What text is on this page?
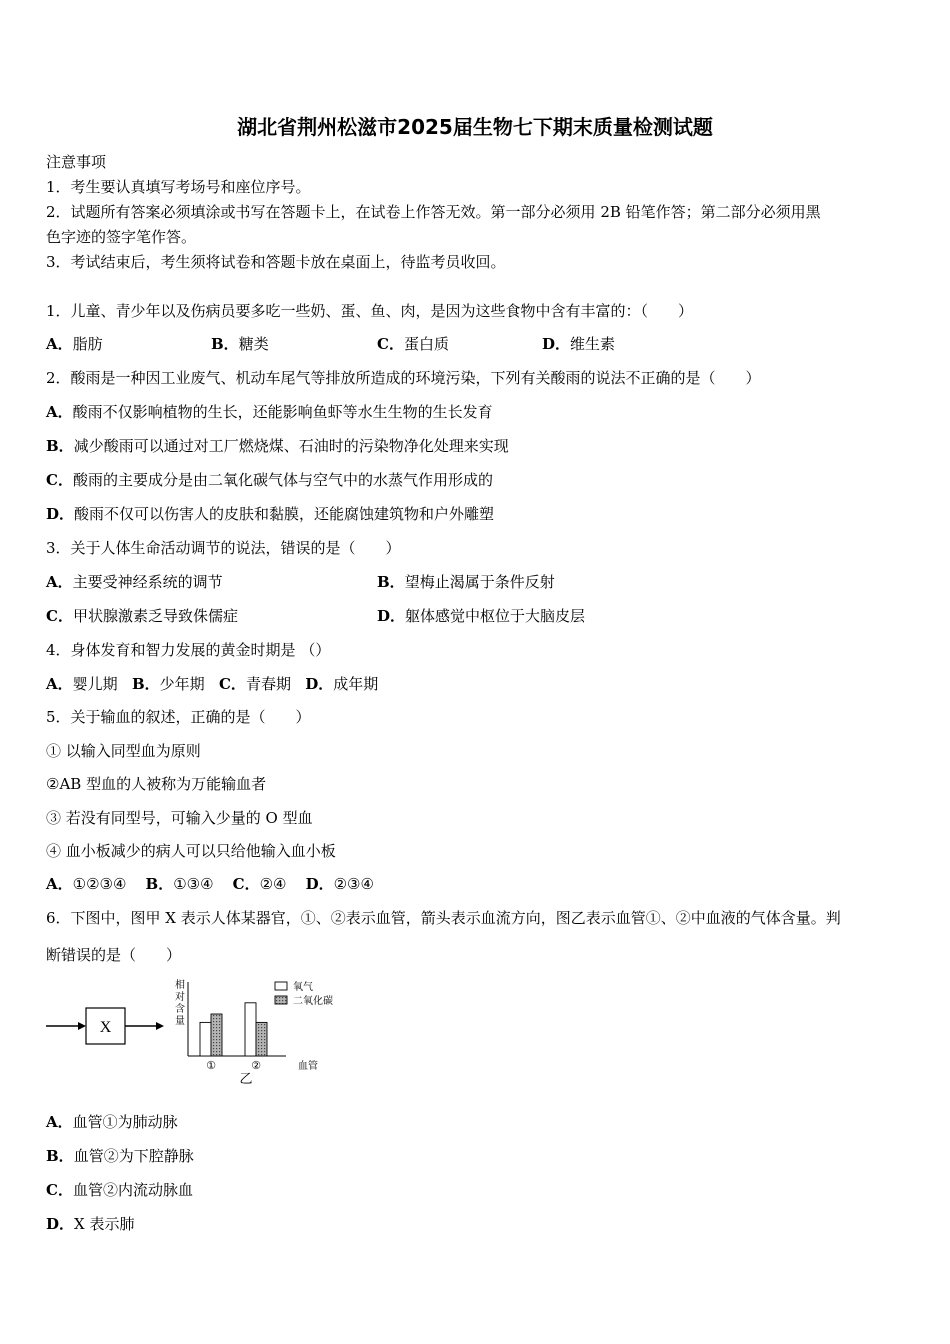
湖北省荆州松滋市2025届生物七下期末质量检测试题
注意事项
1．考生要认真填写考场号和座位序号。
2．试题所有答案必须填涂或书写在答题卡上，在试卷上作答无效。第一部分必须用 2B 铅笔作答；第二部分必须用黑
色字迹的签字笔作答。
3．考试结束后，考生须将试卷和答题卡放在桌面上，待监考员收回。
1．儿童、青少年以及伤病员要多吃一些奶、蛋、鱼、肉，是因为这些食物中含有丰富的：（　　）
A．脂肪	B．糖类	C．蛋白质	D．维生素
2．酸雨是一种因工业废气、机动车尾气等排放所造成的环境污染，下列有关酸雨的说法不正确的是（　　）
A．酸雨不仅影响植物的生长，还能影响鱼虾等水生生物的生长发育
B．减少酸雨可以通过对工厂燃烧煤、石油时的污染物净化处理来实现
C．酸雨的主要成分是由二氧化碳气体与空气中的水蒸气作用形成的
D．酸雨不仅可以伤害人的皮肤和黏膜，还能腐蚀建筑物和户外雕塑
3．关于人体生命活动调节的说法，错误的是（　　）
A．主要受神经系统的调节	B．望梅止渴属于条件反射
C．甲状腺激素乏导致侏儒症	D．躯体感觉中枢位于大脑皮层
4．身体发育和智力发展的黄金时期是 （）
A．婴儿期 B．少年期 C．青春期 D．成年期
5．关于输血的叙述，正确的是（　　）
① 以输入同型血为原则
②AB 型血的人被称为万能输血者
③ 若没有同型号，可输入少量的 O 型血
④ 血小板减少的病人可以只给他输入血小板
A．①②③④ B．①③④ C．②④ D．②③④
6．下图中，图甲 X 表示人体某器官，①、②表示血管，箭头表示血流方向，图乙表示血管①、②中血液的气体含量。判
断错误的是（　　）
X
相
对
含
量
①	②	血管
乙
氧气
二氧化碳
A．血管①为肺动脉
B．血管②为下腔静脉
C．血管②内流动脉血
D．X 表示肺
